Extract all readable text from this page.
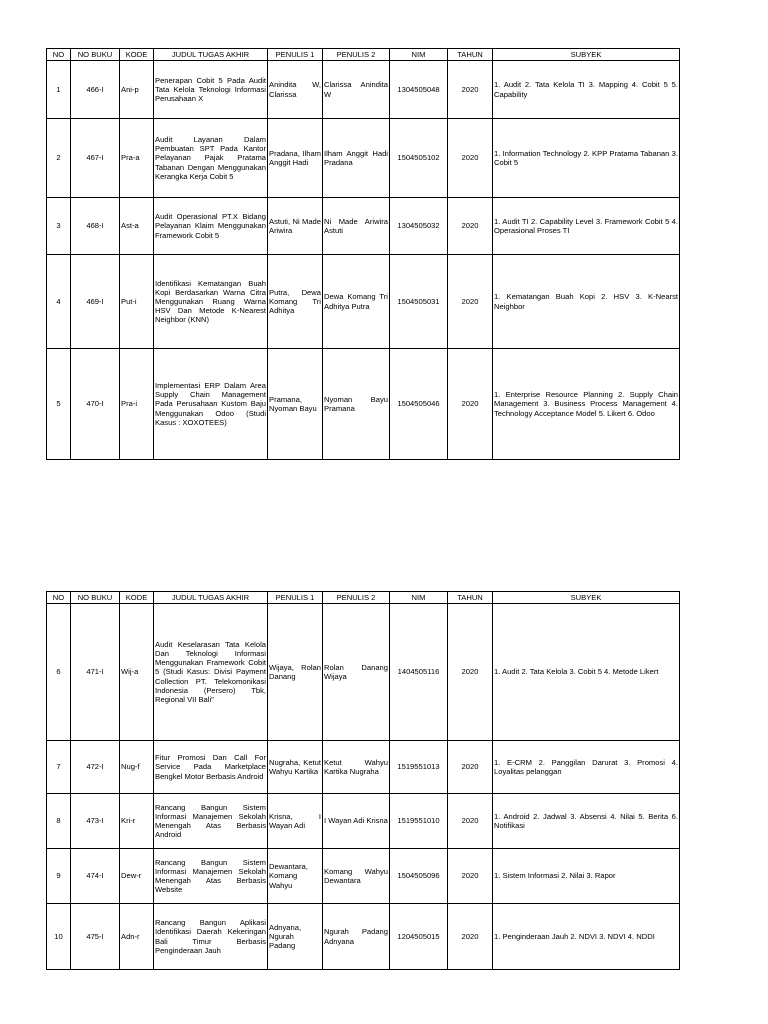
NO	NO BUKU	KODE	JUDUL TUGAS AKHIR	PENULIS 1	PENULIS 2	NIM	TAHUN	SUBYEK
1	466-I	Ani-p	Penerapan Cobit 5 Pada Audit Tata Kelola Teknologi Informasi Perusahaan X	Anindita W, Clarissa	Clarissa Anindita W	1304505048	2020	1. Audit 2. Tata Kelola TI 3. Mapping 4. Cobit 5 5. Capability
2	467-I	Pra-a	Audit Layanan Dalam Pembuatan SPT Pada Kantor Pelayanan Pajak Pratama Tabanan Dengan Menggunakan Kerangka Kerja Cobit 5	Pradana, Ilham Anggit Hadi	Ilham Anggit Hadi Pradana	1504505102	2020	1. Information Technology 2. KPP Pratama Tabanan 3. Cobit 5
3	468-I	Ast-a	Audit Operasional PT.X Bidang Pelayanan Klaim Menggunakan Framework Cobit 5	Astuti, Ni Made Ariwira	Ni Made Ariwira Astuti	1304505032	2020	1. Audit TI 2. Capability Level 3. Framework Cobit 5 4. Operasional Proses TI
4	469-I	Put-i	Identifikasi Kematangan Buah Kopi Berdasarkan Warna Citra Menggunakan Ruang Warna HSV Dan Metode K-Nearest Neighbor (KNN)	Putra, Dewa Komang Tri Adhitya	Dewa Komang Tri Adhitya Putra	1504505031	2020	1. Kematangan Buah Kopi 2. HSV 3. K-Nearst Neighbor
5	470-I	Pra-i	Implementasi ERP Dalam Area Supply Chain Management Pada Perusahaan Kustom Baju Menggunakan Odoo (Studi Kasus : XOXOTEES)	Pramana, Nyoman Bayu	Nyoman Bayu Pramana	1504505046	2020	1. Enterprise Resource Planning 2. Supply Chain Management 3. Business Process Management 4. Technology Acceptance Model 5. Likert 6. Odoo
NO	NO BUKU	KODE	JUDUL TUGAS AKHIR	PENULIS 1	PENULIS 2	NIM	TAHUN	SUBYEK
6	471-I	Wij-a	Audit Keselarasan Tata Kelola Dan Teknologi Informasi Menggunakan Framework Cobit 5 (Studi Kasus: Divisi Payment Collection PT. Telekomonikasi Indonesia (Persero) Tbk, Regional VII Bali"	Wijaya, Rolan Danang	Rolan Danang Wijaya	1404505116	2020	1. Audit 2. Tata Kelola 3. Cobit 5 4. Metode Likert
7	472-I	Nug-f	Fitur Promosi Dan Call For Service Pada Marketplace Bengkel Motor Berbasis Android	Nugraha, Ketut Wahyu Kartika	Ketut Wahyu Kartika Nugraha	1519551013	2020	1. E-CRM 2. Panggilan Darurat 3. Promosi 4. Loyalitas pelanggan
8	473-I	Kri-r	Rancang Bangun Sistem Informasi Manajemen Sekolah Menengah Atas Berbasis Android	Krisna, I Wayan Adi	I Wayan Adi Krisna	1519551010	2020	1. Android 2. Jadwal 3. Absensi 4. Nilai 5. Berita 6. Notifikasi
9	474-I	Dew-r	Rancang Bangun Sistem Informasi Manajemen Sekolah Menengah Atas Berbasis Website	Dewantara, Komang Wahyu	Komang Wahyu Dewantara	1504505096	2020	1. Sistem Informasi 2. Nilai 3. Rapor
10	475-I	Adn-r	Rancang Bangun Aplikasi Identifikasi Daerah Kekeringan Bali Timur Berbasis Penginderaan Jauh	Adnyana, Ngurah Padang	Ngurah Padang Adnyana	1204505015	2020	1. Penginderaan Jauh 2. NDVI 3. NDVI 4. NDDI
